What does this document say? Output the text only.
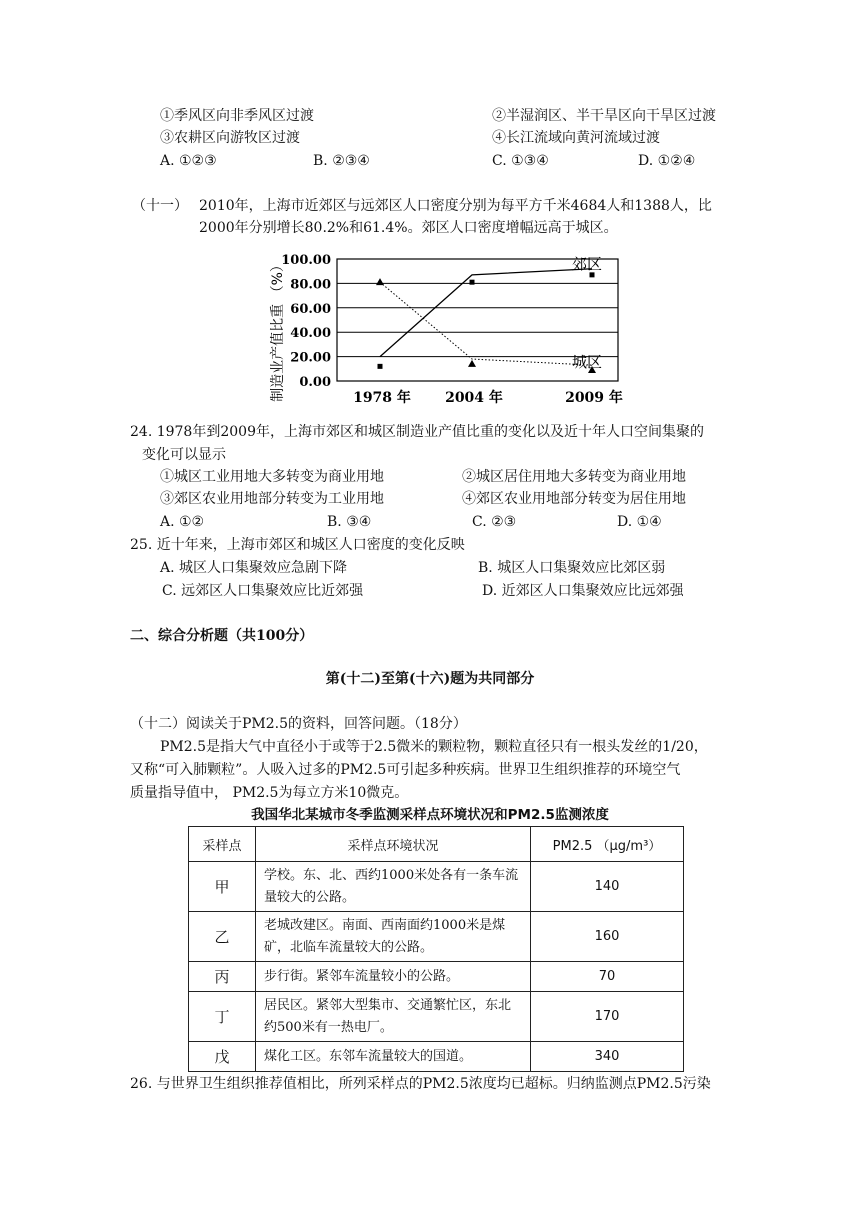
①季风区向非季风区过渡	②半湿润区、半干旱区向干旱区过渡
③农耕区向游牧区过渡	④长江流域向黄河流域过渡
A. ①②③	B. ②③④	C. ①③④	D. ①②④
（十一） 2010年，上海市近郊区与远郊区人口密度分别为每平方千米4684人和1388人，比
2000年分别增长80.2%和61.4%。郊区人口密度增幅远高于城区。
100.00
80.00
60.00
40.00
20.00
0.00
1978 年 2004 年	2009 年
郊区
城区
制造业产值比重 （%）
24. 1978年到2009年，上海市郊区和城区制造业产值比重的变化以及近十年人口空间集聚的
变化可以显示
①城区工业用地大多转变为商业用地	②城区居住用地大多转变为商业用地
③郊区农业用地部分转变为工业用地	④郊区农业用地部分转变为居住用地
A. ①②	B. ③④	C. ②③	D. ①④
25. 近十年来，上海市郊区和城区人口密度的变化反映
A. 城区人口集聚效应急剧下降	B. 城区人口集聚效应比郊区弱
C. 远郊区人口集聚效应比近郊强	D. 近郊区人口集聚效应比远郊强
二、综合分析题（共100分）
第(十二)至第(十六)题为共同部分
（十二）阅读关于PM2.5的资料，回答问题。（18分）
PM2.5是指大气中直径小于或等于2.5微米的颗粒物，颗粒直径只有一根头发丝的1/20，
又称“可入肺颗粒”。人吸入过多的PM2.5可引起多种疾病。世界卫生组织推荐的环境空气
质量指导值中， PM2.5为每立方米10微克。
我国华北某城市冬季监测采样点环境状况和PM2.5监测浓度
采样点	采样点环境状况	PM2.5 （μg/m³）
甲	学校。东、北、西约1000米处各有一条车流量较大的公路。	140
乙	老城改建区。南面、西南面约1000米是煤矿，北临车流量较大的公路。	160
丙	步行街。紧邻车流量较小的公路。	70
丁	居民区。紧邻大型集市、交通繁忙区，东北约500米有一热电厂。	170
戊	煤化工区。东邻车流量较大的国道。	340
26. 与世界卫生组织推荐值相比，所列采样点的PM2.5浓度均已超标。归纳监测点PM2.5污染
